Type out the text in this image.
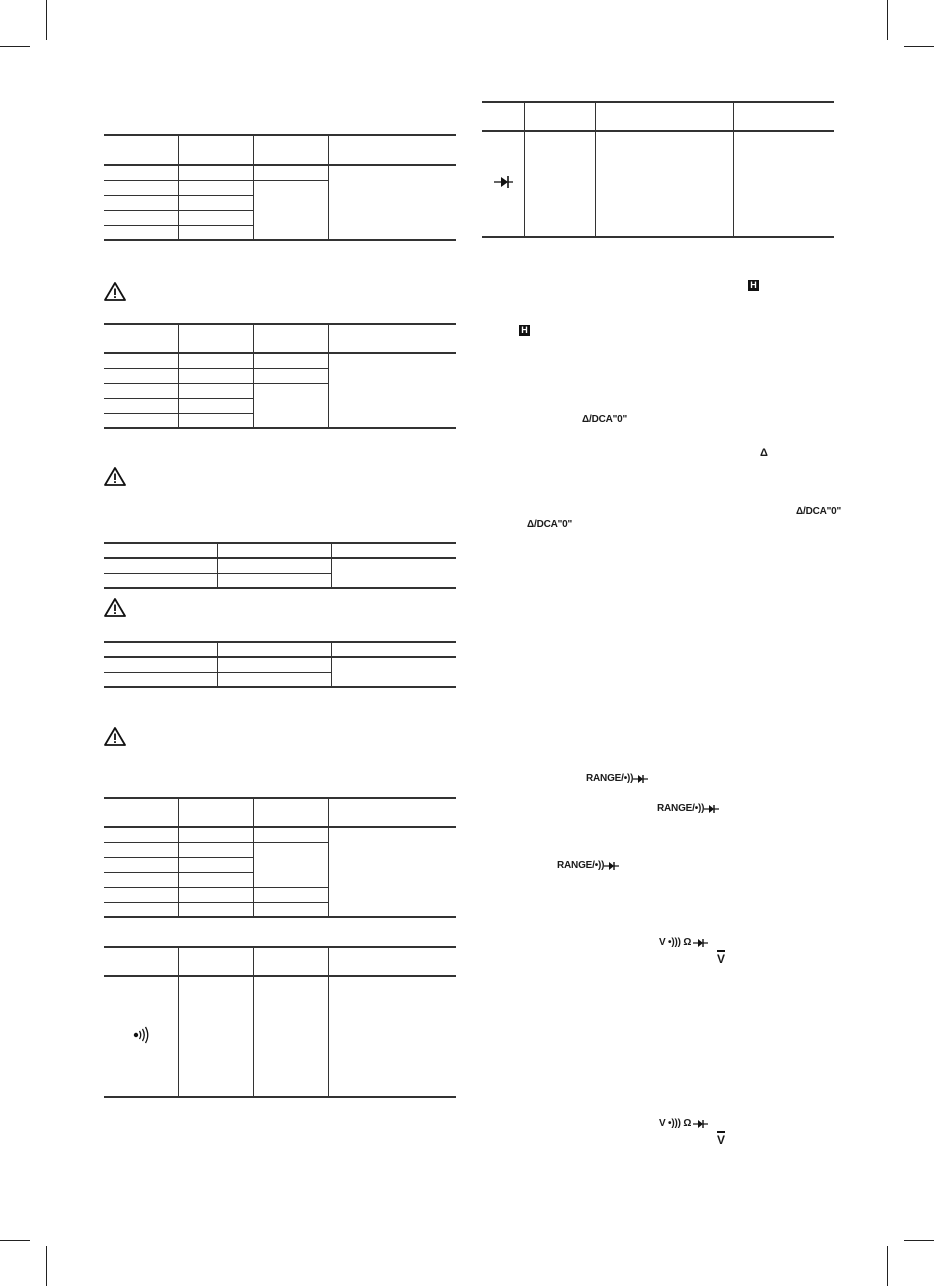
H
H
Δ/DCA"0"
Δ
Δ/DCA"0"
Δ/DCA"0"
RANGE/•))
RANGE/•))
RANGE/•))
V •))) Ω
V
V •))) Ω
V
